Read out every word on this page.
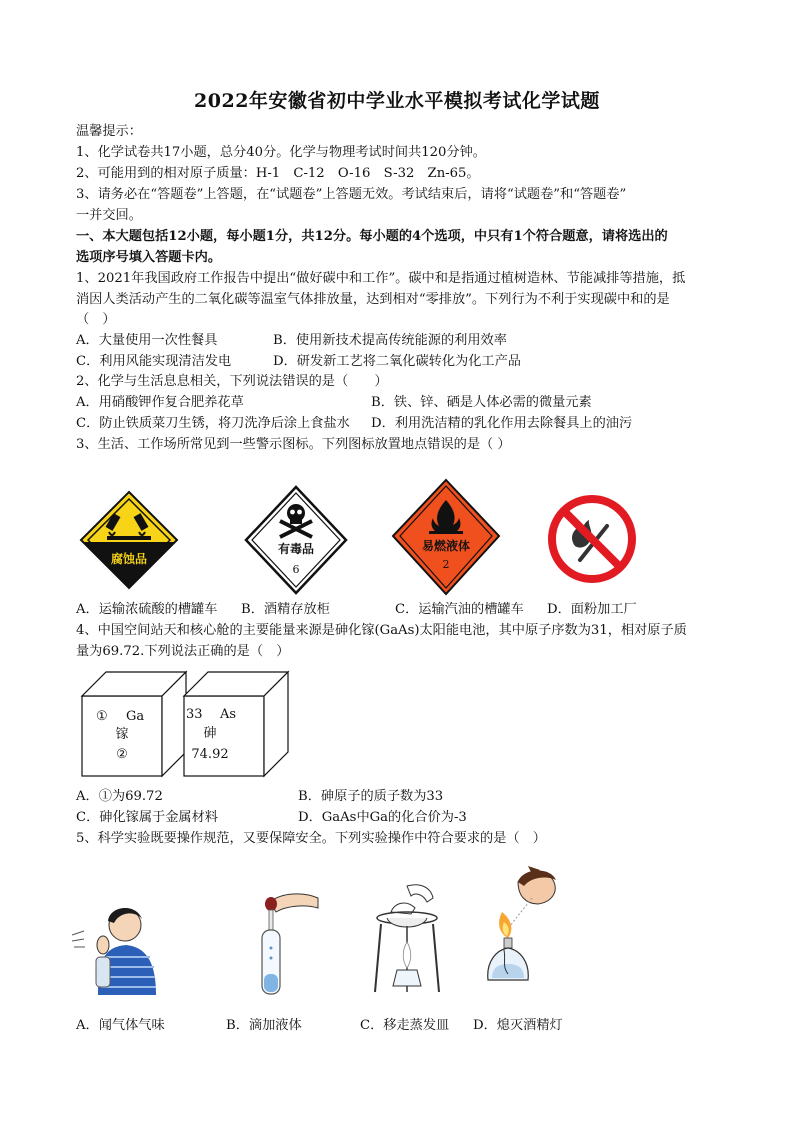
2022年安徽省初中学业水平模拟考试化学试题
温馨提示：
1、化学试卷共17小题，总分40分。化学与物理考试时间共120分钟。
2、可能用到的相对原子质量：H-1　C-12　O-16　S-32　Zn-65。
3、请务必在“答题卷”上答题，在“试题卷”上答题无效。考试结束后，请将“试题卷”和“答题卷”
一并交回。
一、本大题包括12小题，每小题1分，共12分。每小题的4个选项，中只有1个符合题意，请将选出的
选项序号填入答题卡内。
1、2021年我国政府工作报告中提出“做好碳中和工作”。碳中和是指通过植树造林、节能减排等措施，抵
消因人类活动产生的二氧化碳等温室气体排放量，达到相对“零排放”。下列行为不利于实现碳中和的是
（　）
A．大量使用一次性餐具	B．使用新技术提高传统能源的利用效率
C．利用风能实现清洁发电	D．研发新工艺将二氧化碳转化为化工产品
2、化学与生活息息相关，下列说法错误的是（　　）
A．用硝酸钾作复合肥养花草	B．铁、锌、硒是人体必需的微量元素
C．防止铁质菜刀生锈，将刀洗净后涂上食盐水 D．利用洗洁精的乳化作用去除餐具上的油污
3、生活、工作场所常见到一些警示图标。下列图标放置地点错误的是（ ）
腐蚀品
有毒品
6
易燃液体
2
A．运输浓硫酸的槽罐车 B．酒精存放柜	C．运输汽油的槽罐车 D．面粉加工厂
4、中国空间站天和核心舱的主要能量来源是砷化镓(GaAs)太阳能电池，其中原子序数为31，相对原子质
量为69.72.下列说法正确的是（　）
① Ga
镓
②
33 As
砷
74.92
A．①为69.72	B．砷原子的质子数为33
C．砷化镓属于金属材料	D．GaAs中Ga的化合价为-3
5、科学实验既要操作规范，又要保障安全。下列实验操作中符合要求的是（　）
A．闻气体气味	B．滴加液体	C．移走蒸发皿 D．熄灭酒精灯
